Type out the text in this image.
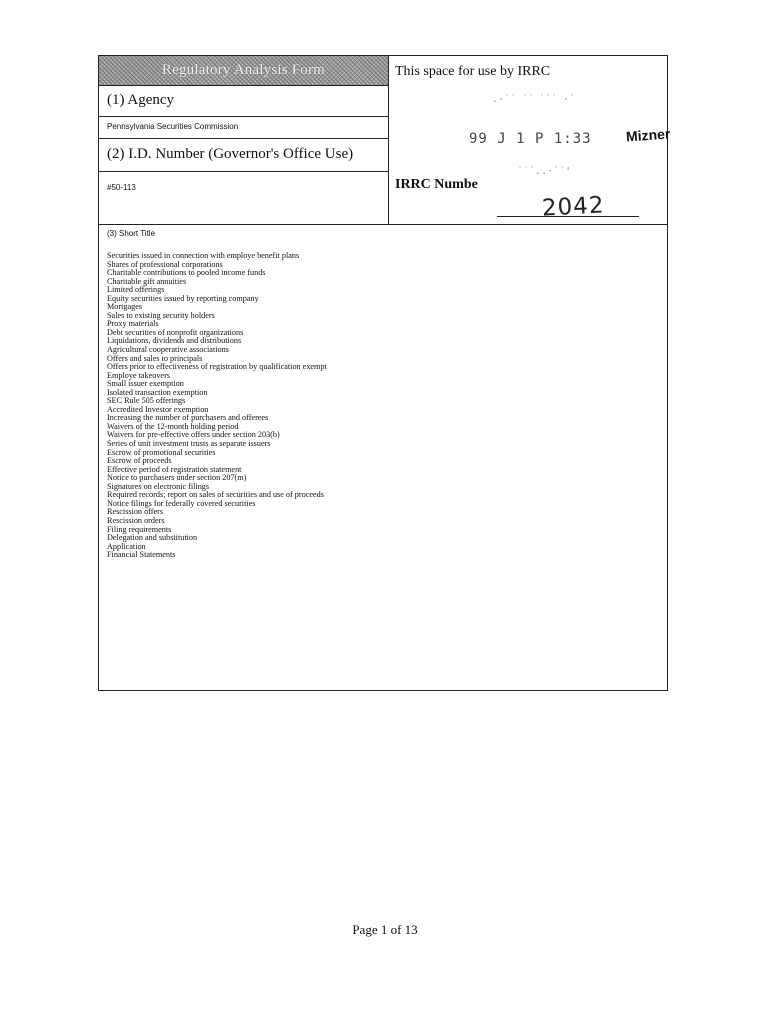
Regulatory Analysis Form
(1) Agency
Pennsylvania Securities Commission
(2) I.D. Number (Governor's Office Use)
#50-113
This space for use by IRRC
.·˙˙ ˙˙ ˙˙˙ ·˙
99 J 1 P 1:33 Mizner
˙˙˙..·˙˙'
IRRC Numbe
2042
(3) Short Title
Securities issued in connection with employe benefit plans
Shares of professional corporations
Charitable contributions to pooled income funds
Charitable gift annuities
Limited offerings
Equity securities issued by reporting company
Mortgages
Sales to existing security holders
Proxy materials
Debt securities of nonprofit organizations
Liquidations, dividends and distributions
Agricultural cooperative associations
Offers and sales to principals
Offers prior to effectiveness of registration by qualification exempt
Employe takeovers
Small issuer exemption
Isolated transaction exemption
SEC Rule 505 offerings
Accredited Investor exemption
Increasing the number of purchasers and offerees
Waivers of the 12-month holding period
Waivers for pre-effective offers under section 203(b)
Series of unit investment trusts as separate issuers
Escrow of promotional securities
Escrow of proceeds
Effective period of registration statement
Notice to purchasers under section 207(m)
Signatures on electronic filings
Required records; report on sales of securities and use of proceeds
Notice filings for federally covered securities
Rescission offers
Rescission orders
Filing requirements
Delegation and substitution
Application
Financial Statements
Page 1 of 13
